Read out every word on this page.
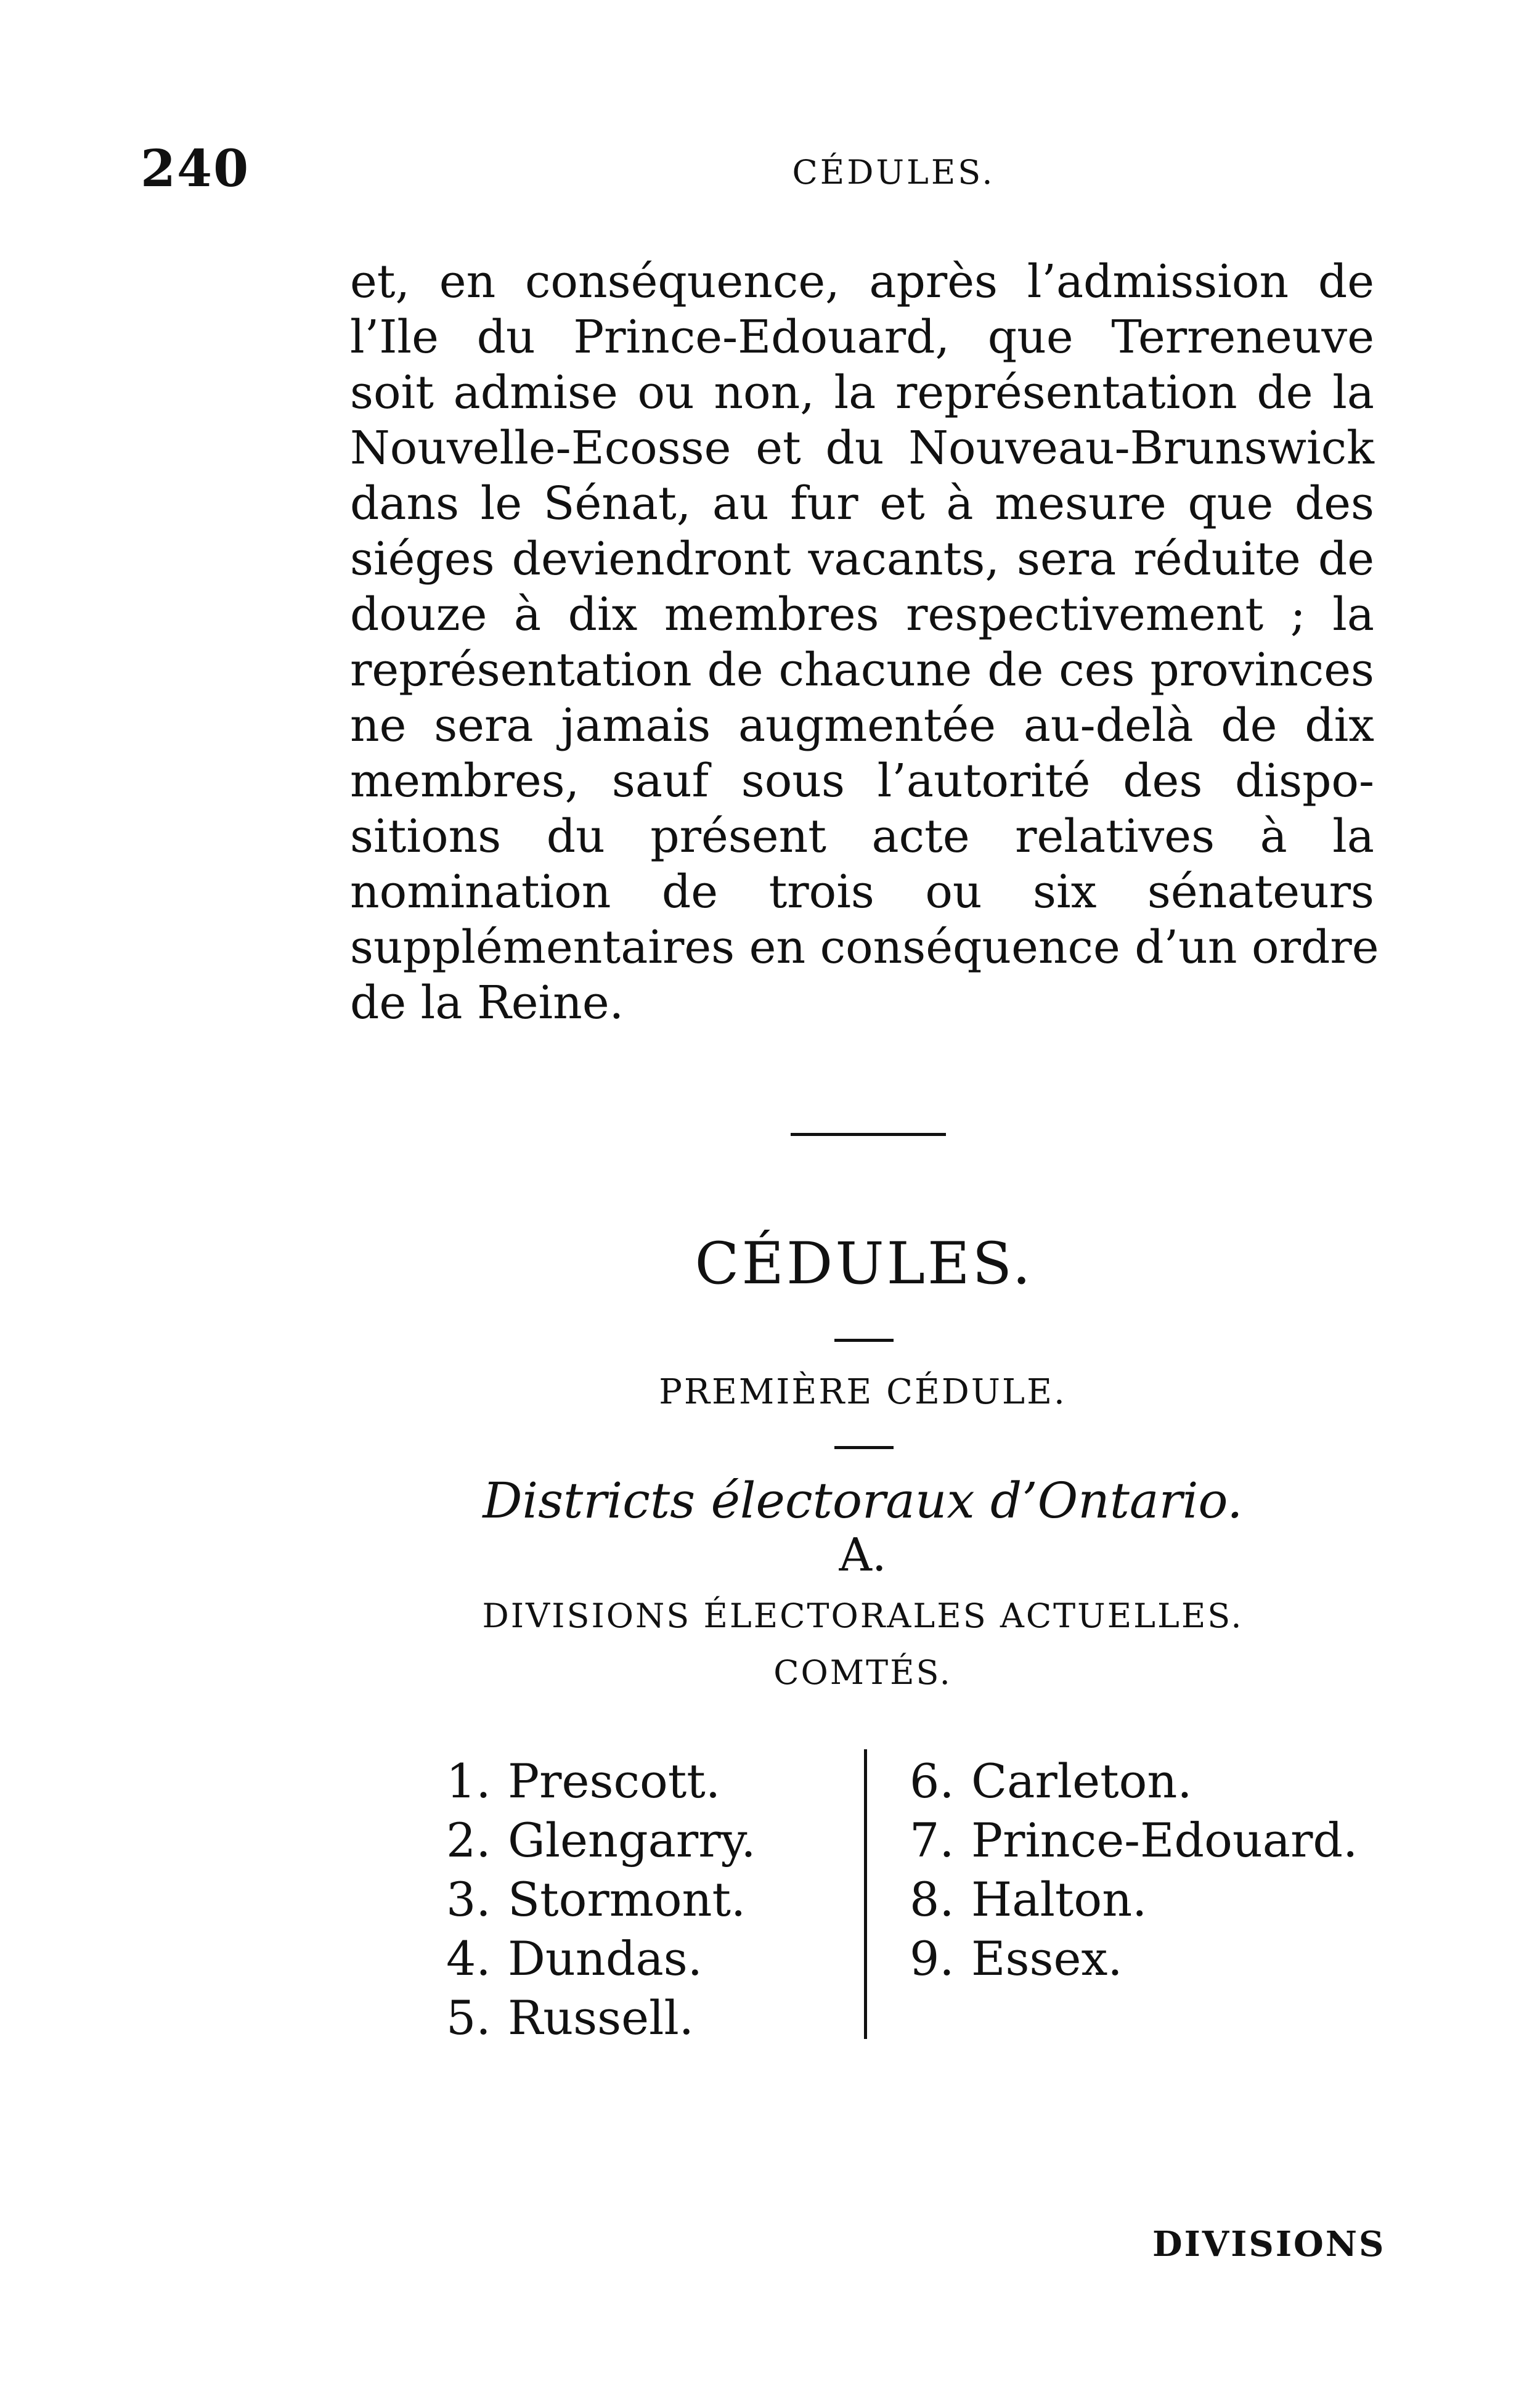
240	CÉDULES.
et, en conséquence, après l’admission de
l’Ile du Prince-Edouard, que Terreneuve
soit admise ou non, la représentation de la
Nouvelle-Ecosse et du Nouveau-Brunswick
dans le Sénat, au fur et à mesure que des
siéges deviendront vacants, sera réduite de
douze à dix membres respectivement ; la
représentation de chacune de ces provinces
ne sera jamais augmentée au-delà de dix
membres, sauf sous l’autorité des dispo-
sitions du présent acte relatives à la
nomination de trois ou six sénateurs
supplémentaires en conséquence d’un ordre
de la Reine.
CÉDULES.
PREMIÈRE CÉDULE.
Districts électoraux d’Ontario.
A.
DIVISIONS ÉLECTORALES ACTUELLES.
COMTÉS.
1. Prescott.
2. Glengarry.
3. Stormont.
4. Dundas.
5. Russell.
6. Carleton.
7. Prince-Edouard.
8. Halton.
9. Essex.
DIVISIONS
